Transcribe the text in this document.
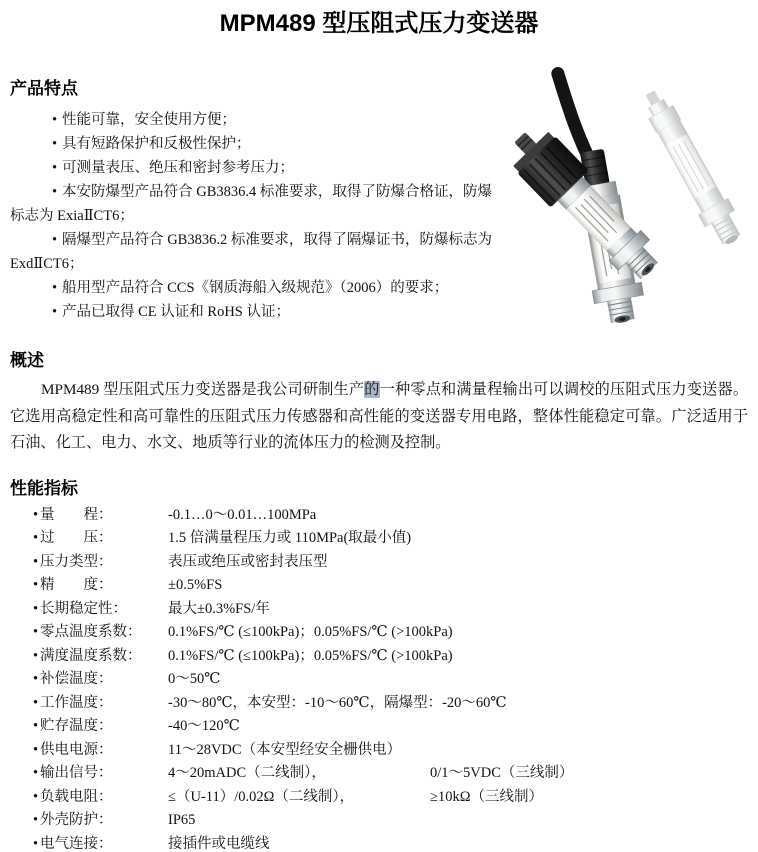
MPM489 型压阻式压力变送器
产品特点

• 性能可靠，安全使用方便；

• 具有短路保护和反极性保护；

• 可测量表压、绝压和密封参考压力；

• 本安防爆型产品符合 GB3836.4 标准要求，取得了防爆合格证，防爆标志为 ExiaⅡCT6；

• 隔爆型产品符合 GB3836.2 标准要求，取得了隔爆证书，防爆标志为 ExdⅡCT6；

• 船用型产品符合 CCS《钢质海船入级规范》（2006）的要求；

• 产品已取得 CE 认证和 RoHS 认证；

概述

MPM489 型压阻式压力变送器是我公司研制生产的一种零点和满量程输出可以调校的压阻式压力变送器。它选用高稳定性和高可靠性的压阻式压力传感器和高性能的变送器专用电路，整体性能稳定可靠。广泛适用于石油、化工、电力、水文、地质等行业的流体压力的检测及控制。

性能指标
• 量　　程：	-0.1…0～0.01…100MPa
• 过　　压：	1.5 倍满量程压力或 110MPa(取最小值)
• 压力类型：	表压或绝压或密封表压型
• 精　　度：	±0.5%FS
• 长期稳定性：	最大±0.3%FS/年
• 零点温度系数：	0.1%FS/℃ (≤100kPa)；0.05%FS/℃ (>100kPa)
• 满度温度系数：	0.1%FS/℃ (≤100kPa)；0.05%FS/℃ (>100kPa)
• 补偿温度：	0～50℃
• 工作温度：	-30～80℃，本安型：-10～60℃，隔爆型：-20～60℃
• 贮存温度：	-40～120℃
• 供电电源：	11～28VDC（本安型经安全栅供电）
• 输出信号：	4～20mADC（二线制），	0/1～5VDC（三线制）
• 负载电阻：	≤（U-11）/0.02Ω（二线制），	≥10kΩ（三线制）
• 外壳防护：	IP65
• 电气连接：	接插件或电缆线
